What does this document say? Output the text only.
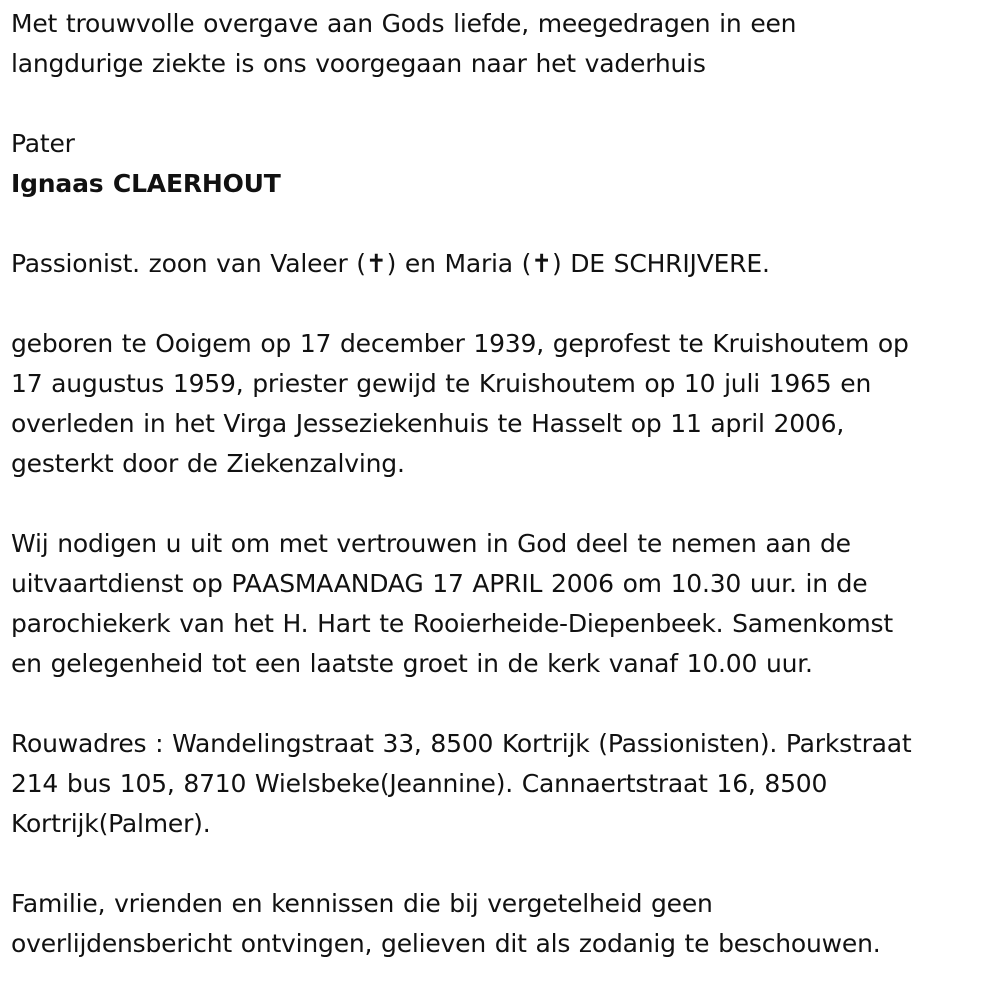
Met trouwvolle overgave aan Gods liefde, meegedragen in een
langdurige ziekte is ons voorgegaan naar het vaderhuis
Pater
Ignaas CLAERHOUT
Passionist. zoon van Valeer (✝) en Maria (✝) DE SCHRIJVERE.
geboren te Ooigem op 17 december 1939, geprofest te Kruishoutem op
17 augustus 1959, priester gewijd te Kruishoutem op 10 juli 1965 en
overleden in het Virga Jesseziekenhuis te Hasselt op 11 april 2006,
gesterkt door de Ziekenzalving.
Wij nodigen u uit om met vertrouwen in God deel te nemen aan de
uitvaartdienst op PAASMAANDAG 17 APRIL 2006 om 10.30 uur. in de
parochiekerk van het H. Hart te Rooierheide-Diepenbeek. Samenkomst
en gelegenheid tot een laatste groet in de kerk vanaf 10.00 uur.
Rouwadres : Wandelingstraat 33, 8500 Kortrijk (Passionisten). Parkstraat
214 bus 105, 8710 Wielsbeke(Jeannine). Cannaertstraat 16, 8500
Kortrijk(Palmer).
Familie, vrienden en kennissen die bij vergetelheid geen
overlijdensbericht ontvingen, gelieven dit als zodanig te beschouwen.
